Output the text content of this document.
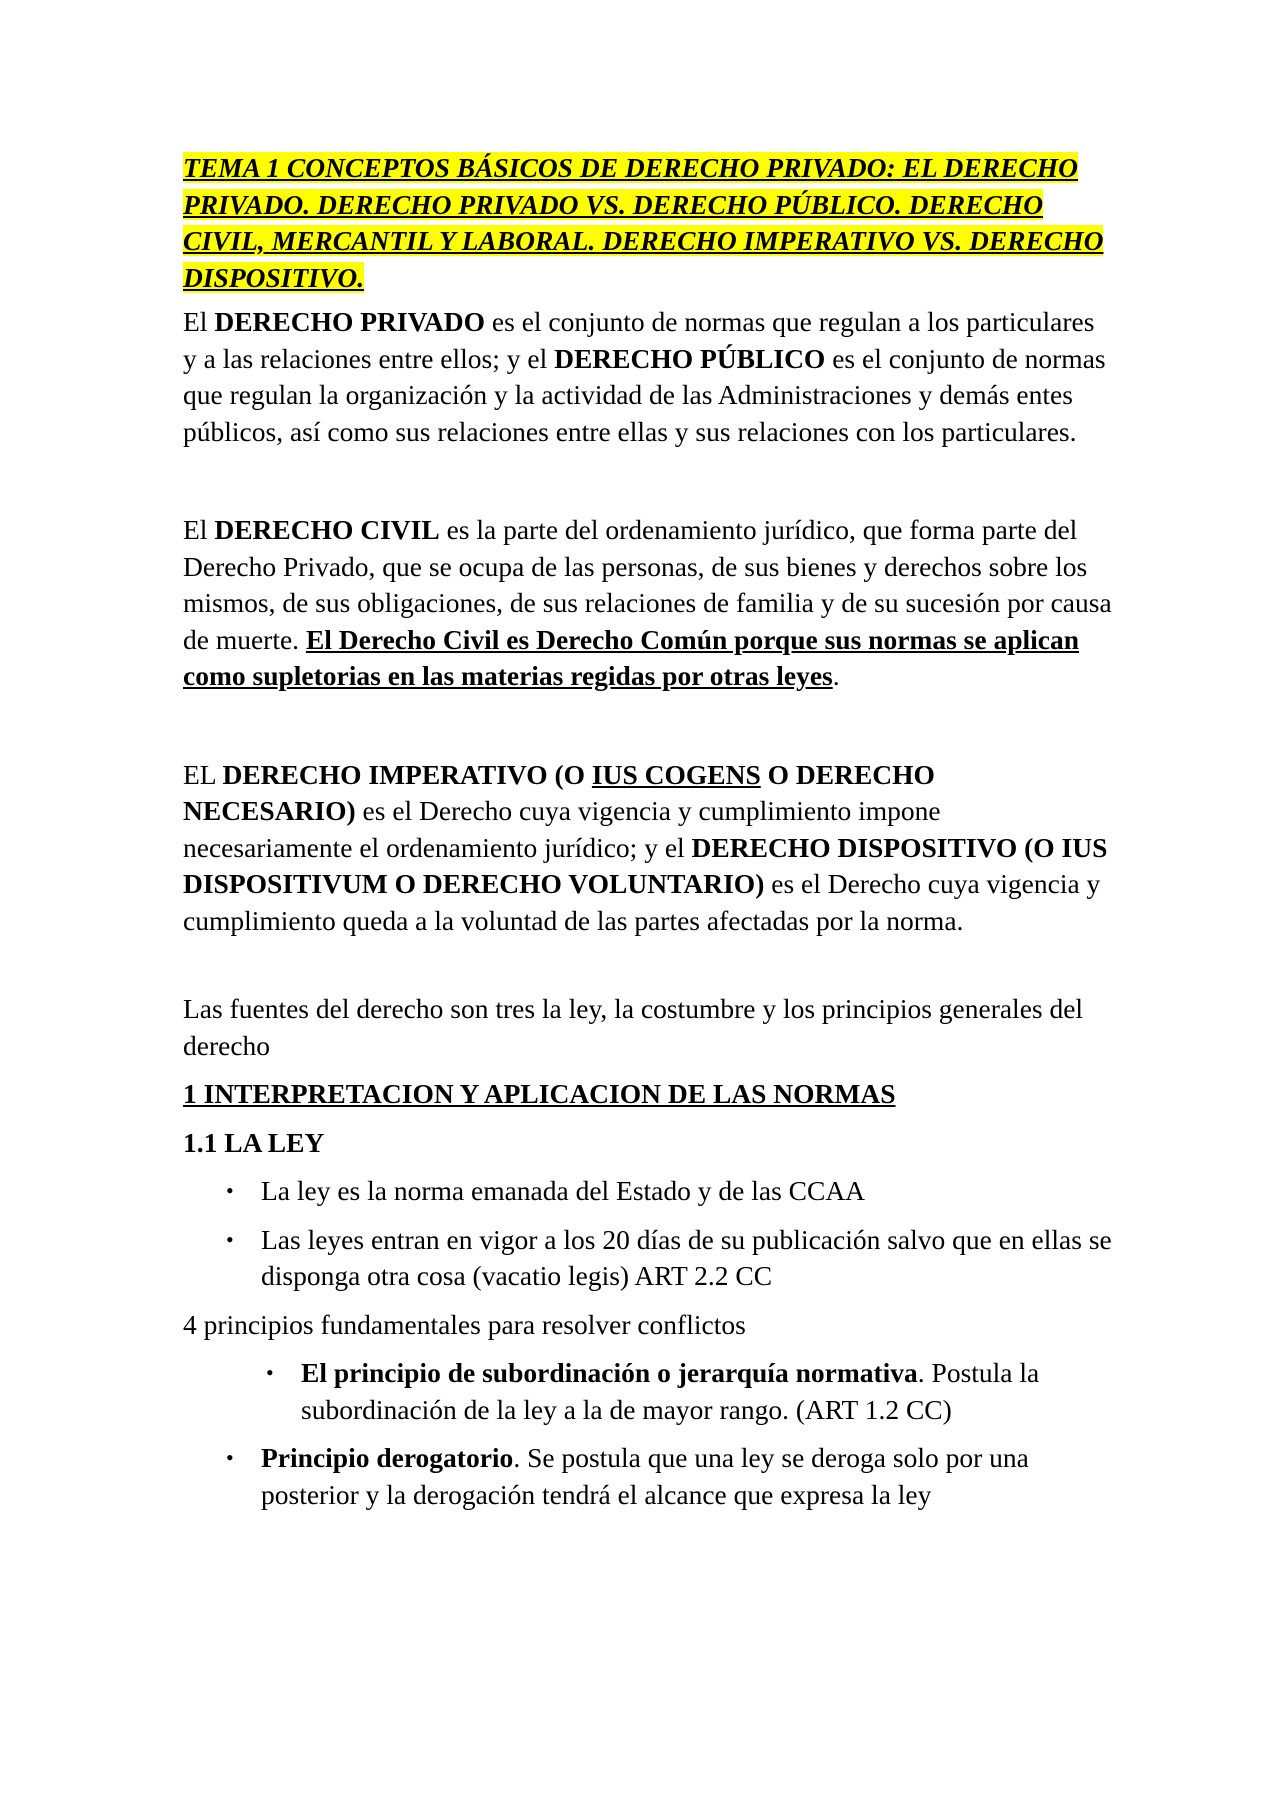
TEMA 1 CONCEPTOS BÁSICOS DE DERECHO PRIVADO: EL DERECHO PRIVADO. DERECHO PRIVADO VS. DERECHO PÚBLICO. DERECHO CIVIL, MERCANTIL Y LABORAL. DERECHO IMPERATIVO VS. DERECHO DISPOSITIVO.

El DERECHO PRIVADO es el conjunto de normas que regulan a los particulares y a las relaciones entre ellos; y el DERECHO PÚBLICO es el conjunto de normas que regulan la organización y la actividad de las Administraciones y demás entes públicos, así como sus relaciones entre ellas y sus relaciones con los particulares.

El DERECHO CIVIL es la parte del ordenamiento jurídico, que forma parte del Derecho Privado, que se ocupa de las personas, de sus bienes y derechos sobre los mismos, de sus obligaciones, de sus relaciones de familia y de su sucesión por causa de muerte. El Derecho Civil es Derecho Común porque sus normas se aplican como supletorias en las materias regidas por otras leyes.

EL DERECHO IMPERATIVO (O IUS COGENS O DERECHO NECESARIO) es el Derecho cuya vigencia y cumplimiento impone necesariamente el ordenamiento jurídico; y el DERECHO DISPOSITIVO (O IUS DISPOSITIVUM O DERECHO VOLUNTARIO) es el Derecho cuya vigencia y cumplimiento queda a la voluntad de las partes afectadas por la norma.

Las fuentes del derecho son tres la ley, la costumbre y los principios generales del derecho

1 INTERPRETACION Y APLICACION DE LAS NORMAS

1.1 LA LEY

• La ley es la norma emanada del Estado y de las CCAA
• Las leyes entran en vigor a los 20 días de su publicación salvo que en ellas se disponga otra cosa (vacatio legis) ART 2.2 CC

4 principios fundamentales para resolver conflictos

• El principio de subordinación o jerarquía normativa. Postula la subordinación de la ley a la de mayor rango. (ART 1.2 CC)
• Principio derogatorio. Se postula que una ley se deroga solo por una posterior y la derogación tendrá el alcance que expresa la ley
